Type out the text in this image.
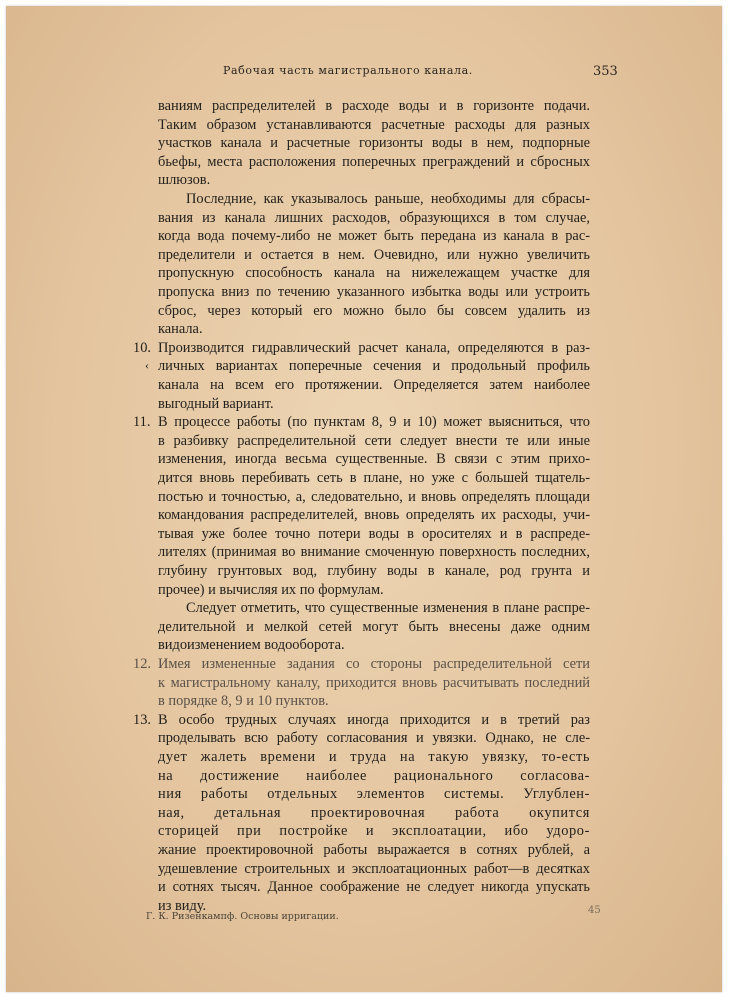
Рабочая часть магистрального канала.	353
ваниям распределителей в расходе воды и в горизонте подачи.
Таким образом устанавливаются расчетные расходы для разных
участков канала и расчетные горизонты воды в нем, подпорные
бьефы, места расположения поперечных преграждений и сбросных
шлюзов.
Последние, как указывалось раньше, необходимы для сбрасы-
вания из канала лишних расходов, образующихся в том случае,
когда вода почему-либо не может быть передана из канала в рас-
пределители и остается в нем. Очевидно, или нужно увеличить
пропускную способность канала на нижележащем участке для
пропуска вниз по течению указанного избытка воды или устроить
сброс, через который его можно было бы совсем удалить из
канала.
10. Производится гидравлический расчет канала, определяются в раз-
‹ личных вариантах поперечные сечения и продольный профиль
канала на всем его протяжении. Определяется затем наиболее
выгодный вариант.
11. В процессе работы (по пунктам 8, 9 и 10) может выясниться, что
в разбивку распределительной сети следует внести те или иные
изменения, иногда весьма существенные. В связи с этим прихо-
дится вновь перебивать сеть в плане, но уже с большей тщатель-
постью и точностью, а, следовательно, и вновь определять площади
командования распределителей, вновь определять их расходы, учи-
тывая уже более точно потери воды в оросителях и в распреде-
лителях (принимая во внимание смоченную поверхность последних,
глубину грунтовых вод, глубину воды в канале, род грунта и
прочее) и вычисляя их по формулам.
Следует отметить, что существенные изменения в плане распре-
делительной и мелкой сетей могут быть внесены даже одним
видоизменением водооборота.
12. Имея измененные задания со стороны распределительной сети
к магистральному каналу, приходится вновь расчитывать последний
в порядке 8, 9 и 10 пунктов.
13. В особо трудных случаях иногда приходится и в третий раз
Г. К. Ризенкампф. Основы ирригации.
45
проделывать всю работу согласования и увязки. Однако, не сле-
дует жалеть времени и труда на такую увязку, то-есть
на достижение наиболее рационального согласова-
ния работы отдельных элементов системы. Углублен-
ная, детальная проектировочная работа окупится
сторицей при постройке и эксплоатации, ибо удоро-
жание проектировочной работы выражается в сотнях рублей, а
удешевление строительных и эксплоатационных работ—в десятках
и сотнях тысяч. Данное соображение не следует никогда упускать
из виду.
